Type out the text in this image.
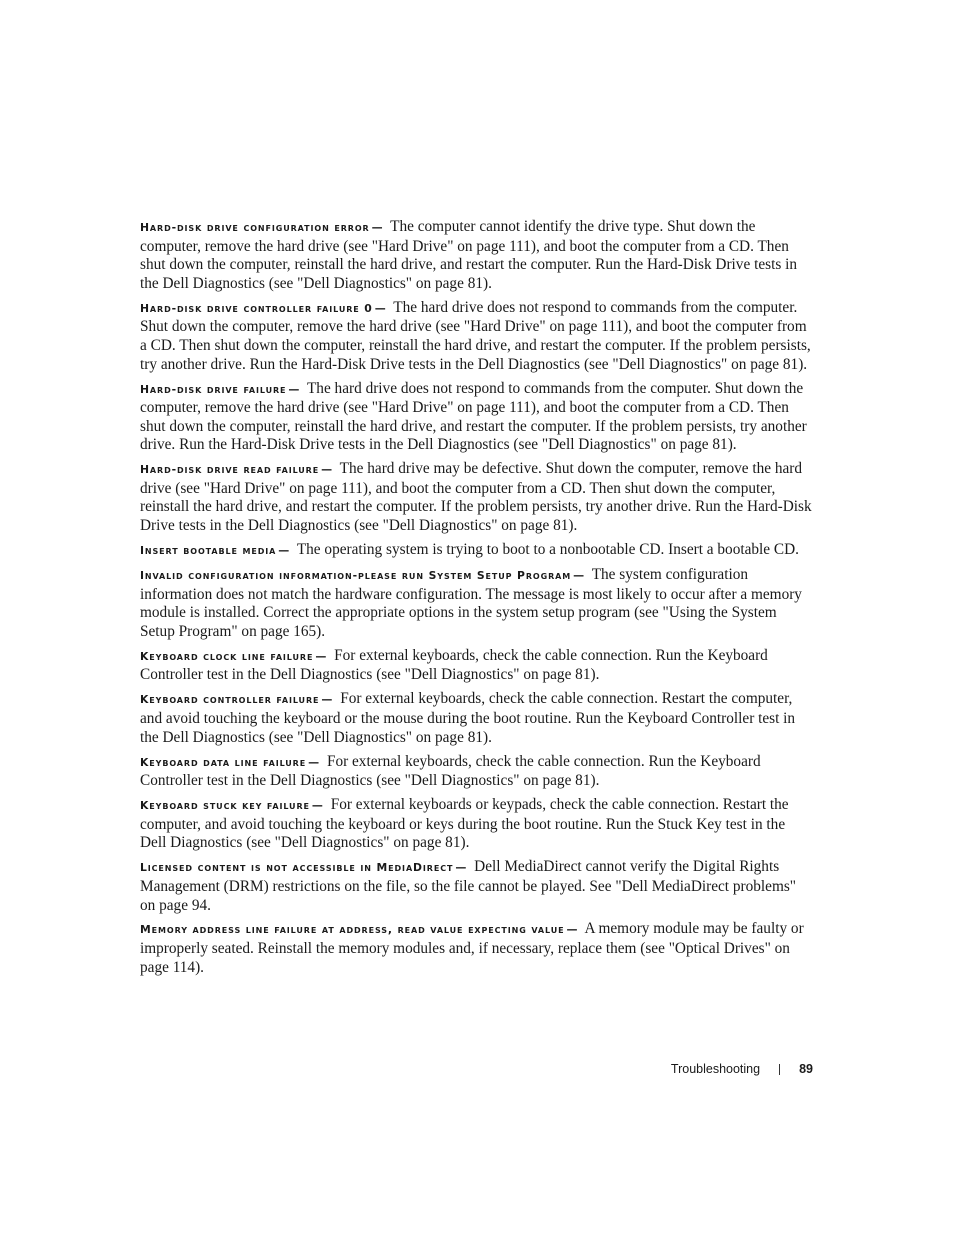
Hard-disk drive configuration error — The computer cannot identify the drive type. Shut down the computer, remove the hard drive (see "Hard Drive" on page 111), and boot the computer from a CD. Then shut down the computer, reinstall the hard drive, and restart the computer. Run the Hard-Disk Drive tests in the Dell Diagnostics (see "Dell Diagnostics" on page 81).

Hard-disk drive controller failure 0 — The hard drive does not respond to commands from the computer. Shut down the computer, remove the hard drive (see "Hard Drive" on page 111), and boot the computer from a CD. Then shut down the computer, reinstall the hard drive, and restart the computer. If the problem persists, try another drive. Run the Hard-Disk Drive tests in the Dell Diagnostics (see "Dell Diagnostics" on page 81).

Hard-disk drive failure — The hard drive does not respond to commands from the computer. Shut down the computer, remove the hard drive (see "Hard Drive" on page 111), and boot the computer from a CD. Then shut down the computer, reinstall the hard drive, and restart the computer. If the problem persists, try another drive. Run the Hard-Disk Drive tests in the Dell Diagnostics (see "Dell Diagnostics" on page 81).

Hard-disk drive read failure — The hard drive may be defective. Shut down the computer, remove the hard drive (see "Hard Drive" on page 111), and boot the computer from a CD. Then shut down the computer, reinstall the hard drive, and restart the computer. If the problem persists, try another drive. Run the Hard-Disk Drive tests in the Dell Diagnostics (see "Dell Diagnostics" on page 81).

Insert bootable media — The operating system is trying to boot to a nonbootable CD. Insert a bootable CD.

Invalid configuration information-please run System Setup Program — The system configuration information does not match the hardware configuration. The message is most likely to occur after a memory module is installed. Correct the appropriate options in the system setup program (see "Using the System Setup Program" on page 165).

Keyboard clock line failure — For external keyboards, check the cable connection. Run the Keyboard Controller test in the Dell Diagnostics (see "Dell Diagnostics" on page 81).

Keyboard controller failure — For external keyboards, check the cable connection. Restart the computer, and avoid touching the keyboard or the mouse during the boot routine. Run the Keyboard Controller test in the Dell Diagnostics (see "Dell Diagnostics" on page 81).

Keyboard data line failure — For external keyboards, check the cable connection. Run the Keyboard Controller test in the Dell Diagnostics (see "Dell Diagnostics" on page 81).

Keyboard stuck key failure — For external keyboards or keypads, check the cable connection. Restart the computer, and avoid touching the keyboard or keys during the boot routine. Run the Stuck Key test in the Dell Diagnostics (see "Dell Diagnostics" on page 81).

Licensed content is not accessible in MediaDirect — Dell MediaDirect cannot verify the Digital Rights Management (DRM) restrictions on the file, so the file cannot be played. See "Dell MediaDirect problems" on page 94.

Memory address line failure at address, read value expecting value — A memory module may be faulty or improperly seated. Reinstall the memory modules and, if necessary, replace them (see "Optical Drives" on page 114).

Troubleshooting	89
